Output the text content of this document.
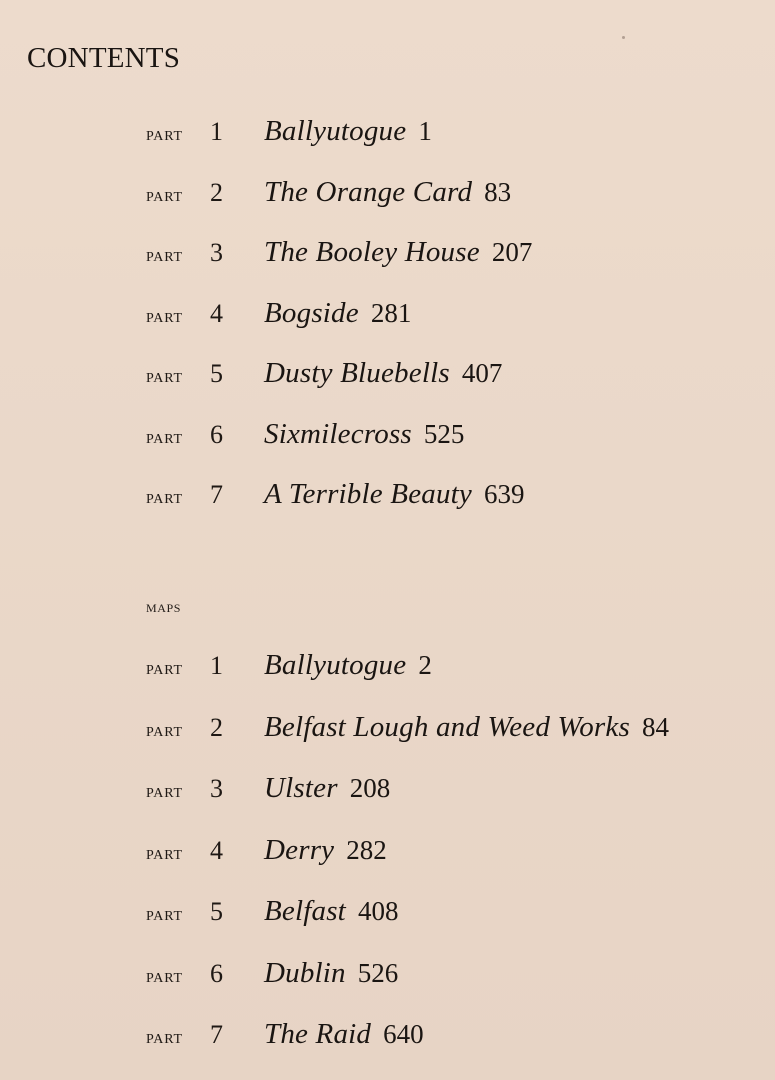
CONTENTS
part	1	Ballyutogue 1
part	2	The Orange Card 83
part	3	The Booley House 207
part	4	Bogside 281
part	5	Dusty Bluebells 407
part	6	Sixmilecross 525
part	7	A Terrible Beauty 639
maps
part	1	Ballyutogue 2
part	2	Belfast Lough and Weed Works 84
part	3	Ulster 208
part	4	Derry 282
part	5	Belfast 408
part	6	Dublin 526
part	7	The Raid 640
